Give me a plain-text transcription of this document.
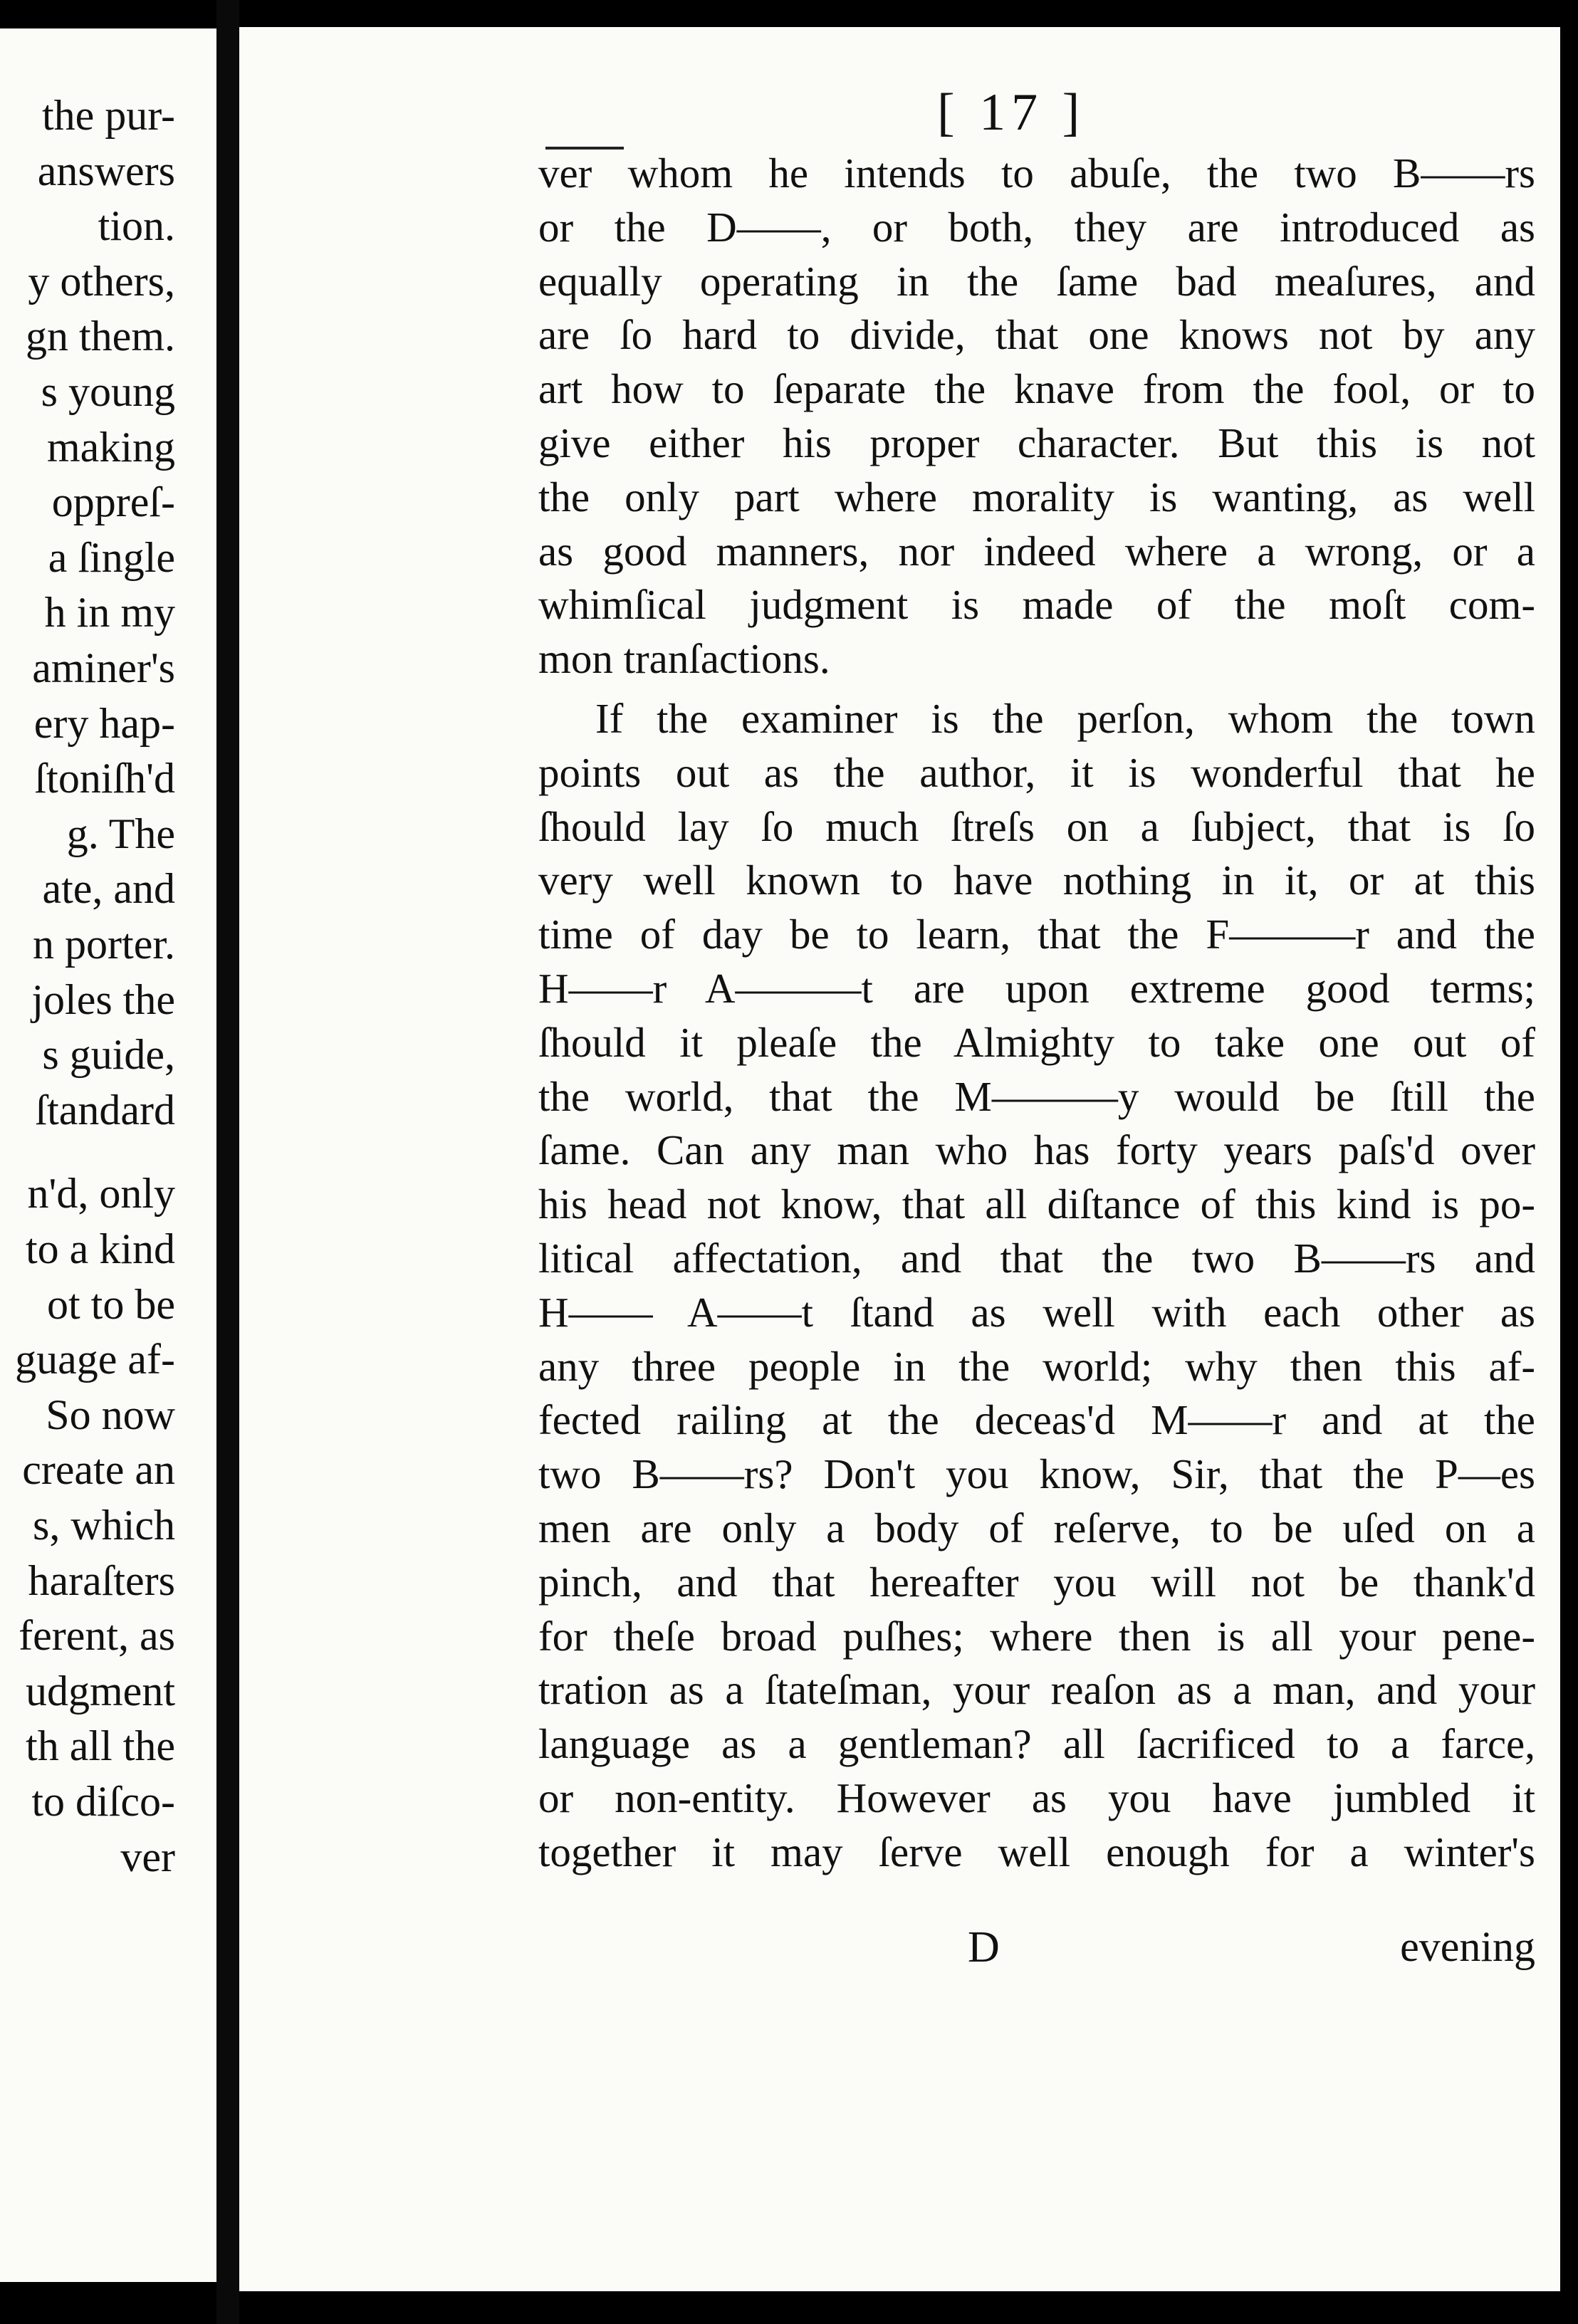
the pur-
answers
tion.
y others,
gn them.
s young
making
oppreſ-
a ſingle
h in my
aminer's
ery hap-
ſtoniſh'd
g. The
ate, and
n porter.
joles the
s guide,
ſtandard
n'd, only
to a kind
ot to be
guage af-
So now
create an
s, which
haraſters
ferent, as
udgment
th all the
to diſco-
ver
[ 17 ]
ver whom he intends to abuſe, the two B——rs
or the D——, or both, they are introduced as
equally operating in the ſame bad meaſures, and
are ſo hard to divide, that one knows not by any
art how to ſeparate the knave from the fool, or to
give either his proper character. But this is not
the only part where morality is wanting, as well
as good manners, nor indeed where a wrong, or a
whimſical judgment is made of the moſt com-
mon tranſactions.
If the examiner is the perſon, whom the town
points out as the author, it is wonderful that he
ſhould lay ſo much ſtreſs on a ſubject, that is ſo
very well known to have nothing in it, or at this
time of day be to learn, that the F———r and the
H——r A———t are upon extreme good terms;
ſhould it pleaſe the Almighty to take one out of
the world, that the M———y would be ſtill the
ſame. Can any man who has forty years paſs'd over
his head not know, that all diſtance of this kind is po-
litical affectation, and that the two B——rs and
H—— A——t ſtand as well with each other as
any three people in the world; why then this af-
fected railing at the deceas'd M——r and at the
two B——rs? Don't you know, Sir, that the P—es
men are only a body of reſerve, to be uſed on a
pinch, and that hereafter you will not be thank'd
for theſe broad puſhes; where then is all your pene-
tration as a ſtateſman, your reaſon as a man, and your
language as a gentleman? all ſacrificed to a farce,
or non-entity. However as you have jumbled it
together it may ſerve well enough for a winter's
D	evening
